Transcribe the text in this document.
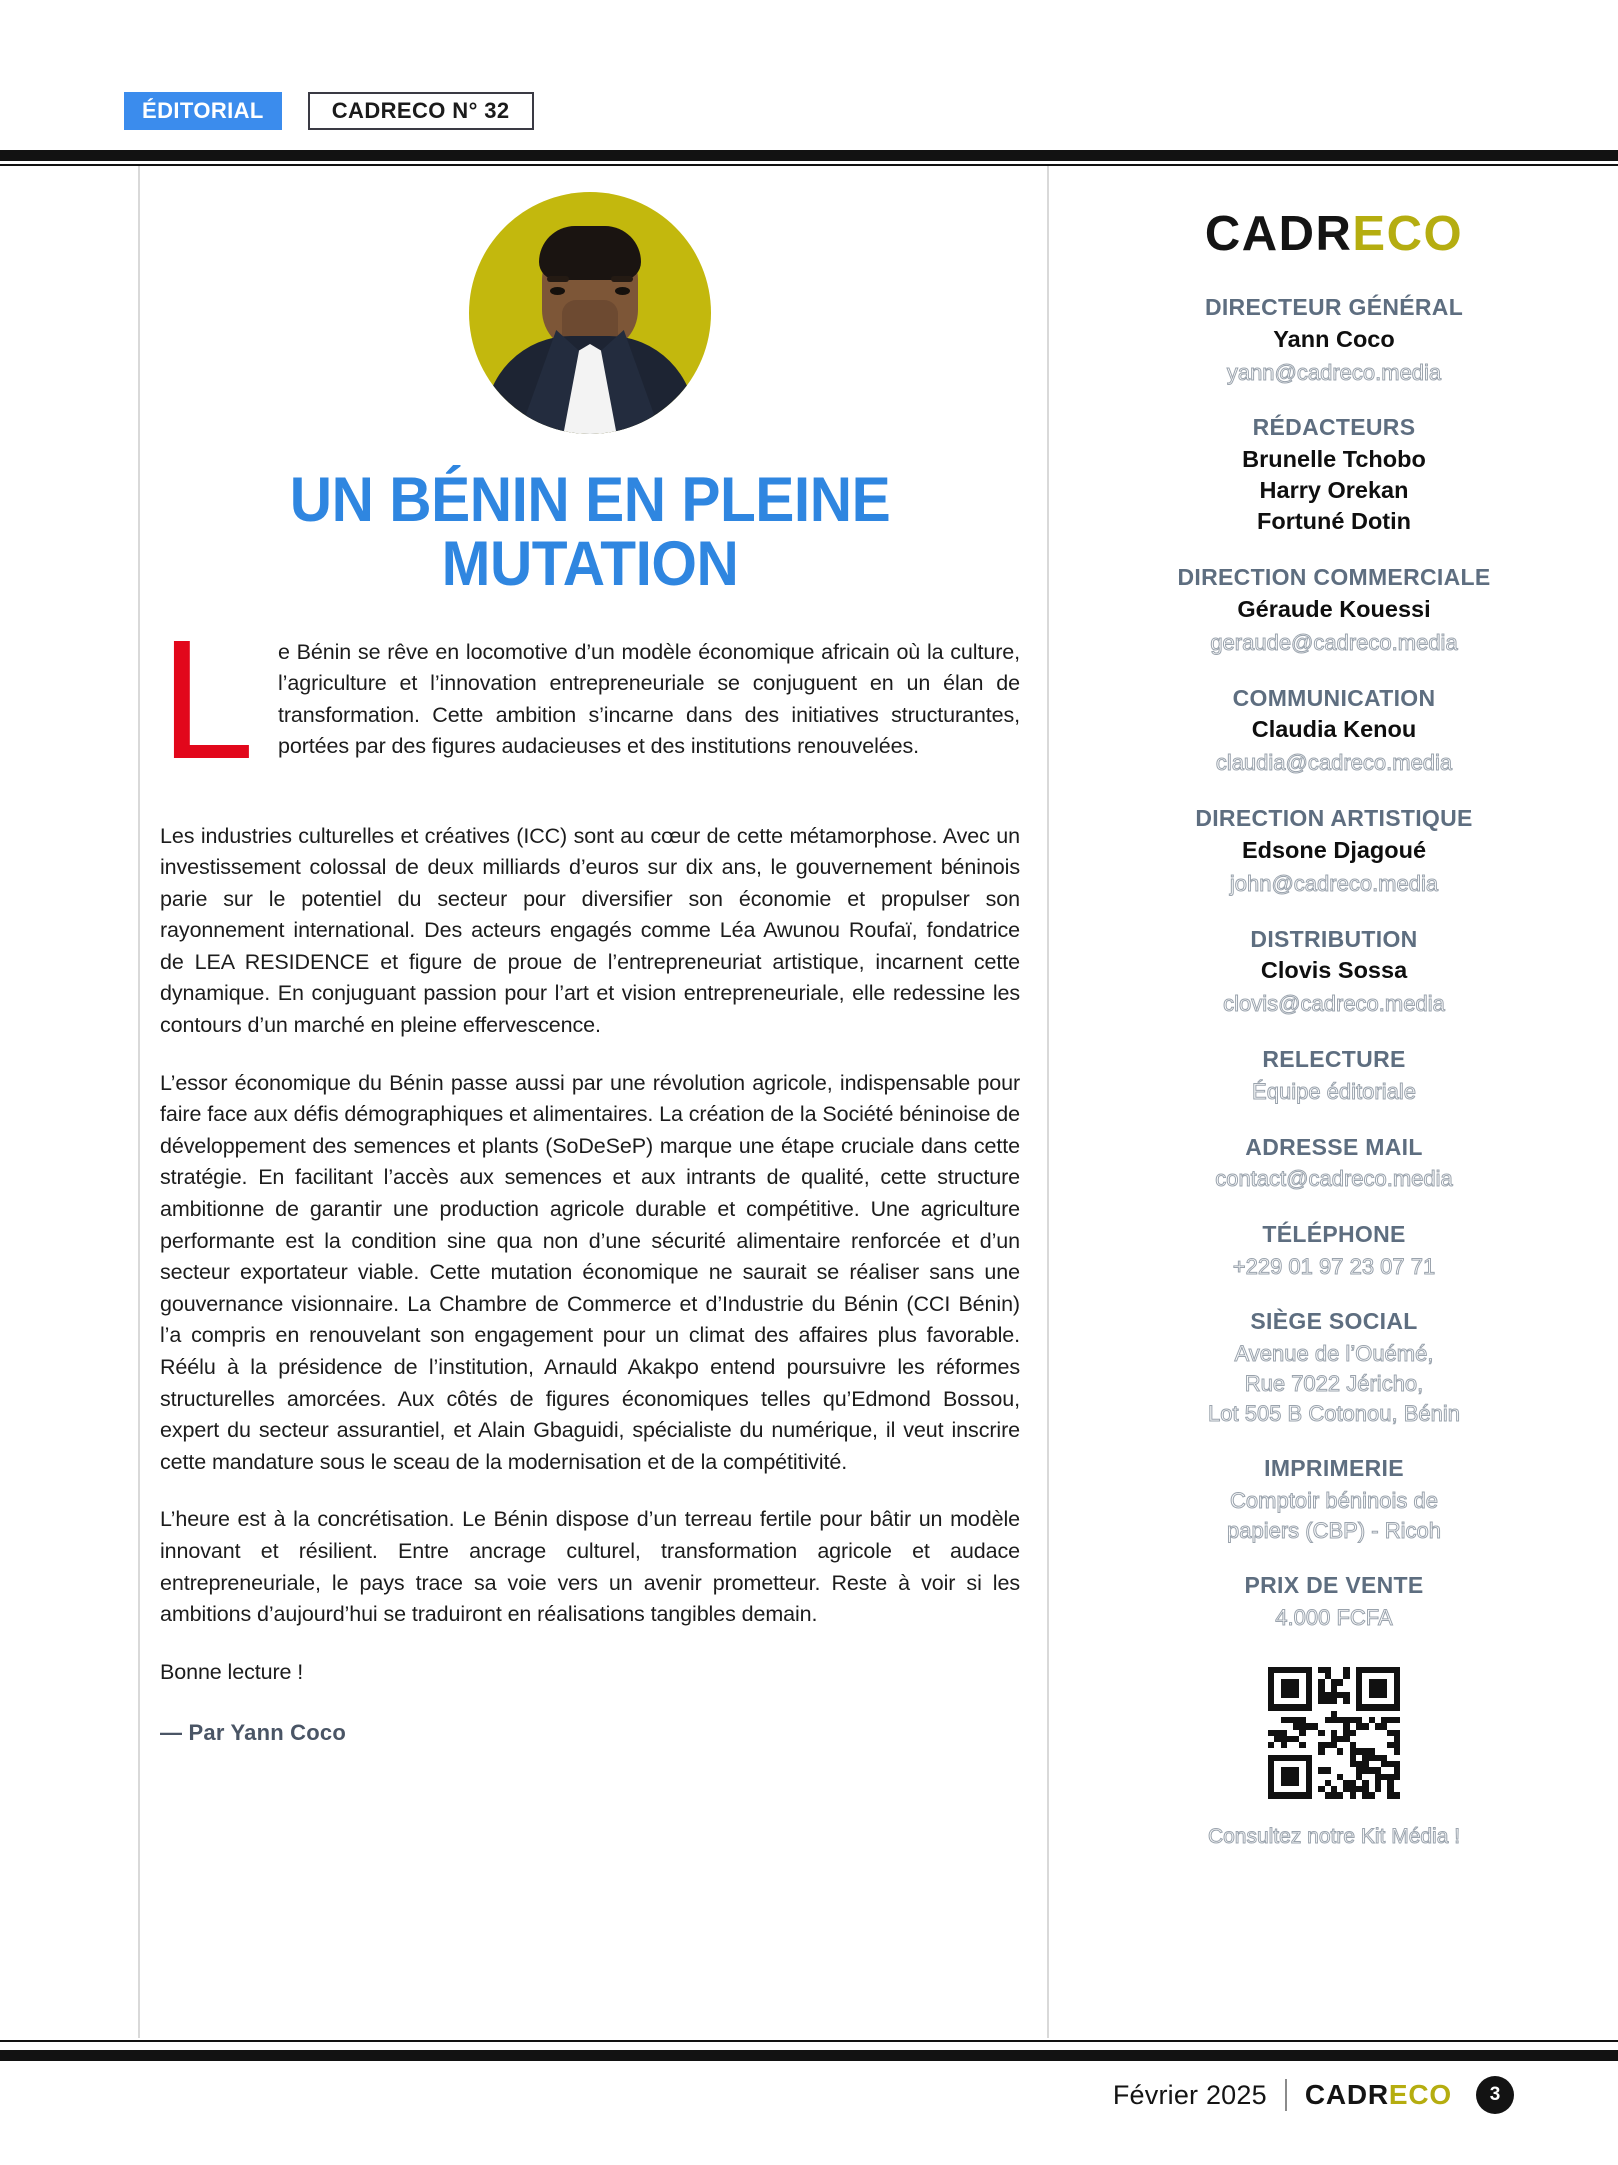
ÉDITORIAL	CADRECO N° 32
UN BÉNIN EN PLEINE MUTATION
L e Bénin se rêve en locomotive d’un modèle économique africain où la culture, l’agriculture et l’innovation entrepreneuriale se conjuguent en un élan de transformation. Cette ambition s’incarne dans des initiatives structurantes, portées par des figures audacieuses et des institutions renouvelées.

Les industries culturelles et créatives (ICC) sont au cœur de cette métamorphose. Avec un investissement colossal de deux milliards d’euros sur dix ans, le gouvernement béninois parie sur le potentiel du secteur pour diversifier son économie et propulser son rayonnement international. Des acteurs engagés comme Léa Awunou Roufaï, fondatrice de LEA RESIDENCE et figure de proue de l’entrepreneuriat artistique, incarnent cette dynamique. En conjuguant passion pour l’art et vision entrepreneuriale, elle redessine les contours d’un marché en pleine effervescence.

L’essor économique du Bénin passe aussi par une révolution agricole, indispensable pour faire face aux défis démographiques et alimentaires. La création de la Société béninoise de développement des semences et plants (SoDeSeP) marque une étape cruciale dans cette stratégie. En facilitant l’accès aux semences et aux intrants de qualité, cette structure ambitionne de garantir une production agricole durable et compétitive. Une agriculture performante est la condition sine qua non d’une sécurité alimentaire renforcée et d’un secteur exportateur viable. Cette mutation économique ne saurait se réaliser sans une gouvernance visionnaire. La Chambre de Commerce et d’Industrie du Bénin (CCI Bénin) l’a compris en renouvelant son engagement pour un climat des affaires plus favorable. Réélu à la présidence de l’institution, Arnauld Akakpo entend poursuivre les réformes structurelles amorcées. Aux côtés de figures économiques telles qu’Edmond Bossou, expert du secteur assurantiel, et Alain Gbaguidi, spécialiste du numérique, il veut inscrire cette mandature sous le sceau de la modernisation et de la compétitivité.

L’heure est à la concrétisation. Le Bénin dispose d’un terreau fertile pour bâtir un modèle innovant et résilient. Entre ancrage culturel, transformation agricole et audace entrepreneuriale, le pays trace sa voie vers un avenir prometteur. Reste à voir si les ambitions d’aujourd’hui se traduiront en réalisations tangibles demain.

Bonne lecture !

— Par Yann Coco
CADRECO
DIRECTEUR GÉNÉRAL
Yann Coco
yann@cadreco.media
RÉDACTEURS
Brunelle Tchobo
Harry Orekan
Fortuné Dotin
DIRECTION COMMERCIALE
Géraude Kouessi
geraude@cadreco.media
COMMUNICATION
Claudia Kenou
claudia@cadreco.media
DIRECTION ARTISTIQUE
Edsone Djagoué
john@cadreco.media
DISTRIBUTION
Clovis Sossa
clovis@cadreco.media
RELECTURE
Équipe éditoriale
ADRESSE MAIL
contact@cadreco.media
TÉLÉPHONE
+229 01 97 23 07 71
SIÈGE SOCIAL
Avenue de l’Ouémé,
Rue 7022 Jéricho,
Lot 505 B Cotonou, Bénin
IMPRIMERIE
Comptoir béninois de
papiers (CBP) - Ricoh
PRIX DE VENTE
4.000 FCFA
Consultez notre Kit Média !
Février 2025 CADRECO	3
